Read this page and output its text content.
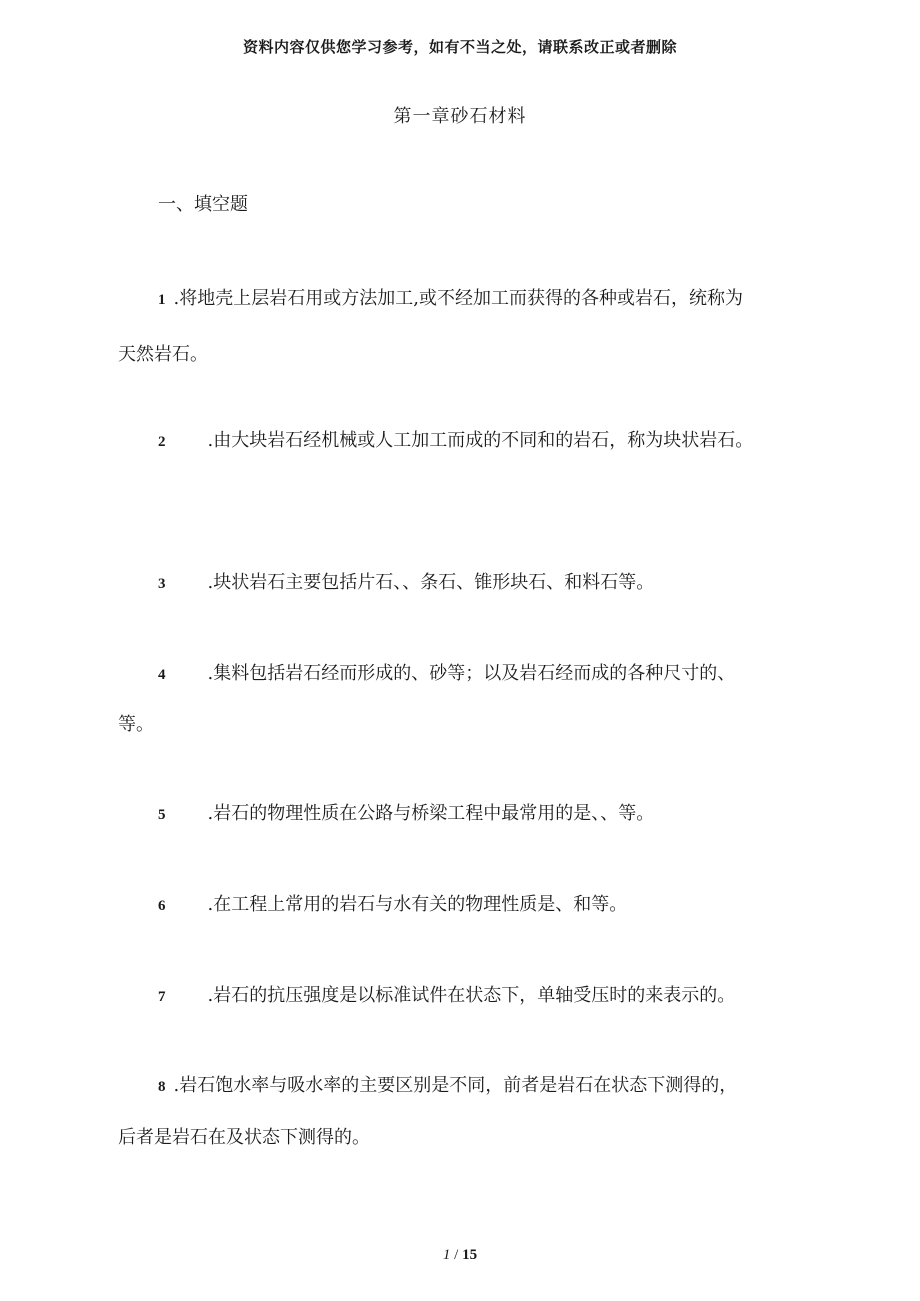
资料内容仅供您学习参考，如有不当之处，请联系改正或者删除
第一章砂石材料
一、填空题
1 .将地壳上层岩石用或方法加工,或不经加工而获得的各种或岩石，统称为
天然岩石。
2 .由大块岩石经机械或人工加工而成的不同和的岩石，称为块状岩石。
3 .块状岩石主要包括片石、、条石、锥形块石、和料石等。
4 .集料包括岩石经而形成的、砂等；以及岩石经而成的各种尺寸的、
等。
5 .岩石的物理性质在公路与桥梁工程中最常用的是、、等。
6 .在工程上常用的岩石与水有关的物理性质是、和等。
7 .岩石的抗压强度是以标准试件在状态下，单轴受压时的来表示的。
8 .岩石饱水率与吸水率的主要区别是不同，前者是岩石在状态下测得的，
后者是岩石在及状态下测得的。
1 / 15
